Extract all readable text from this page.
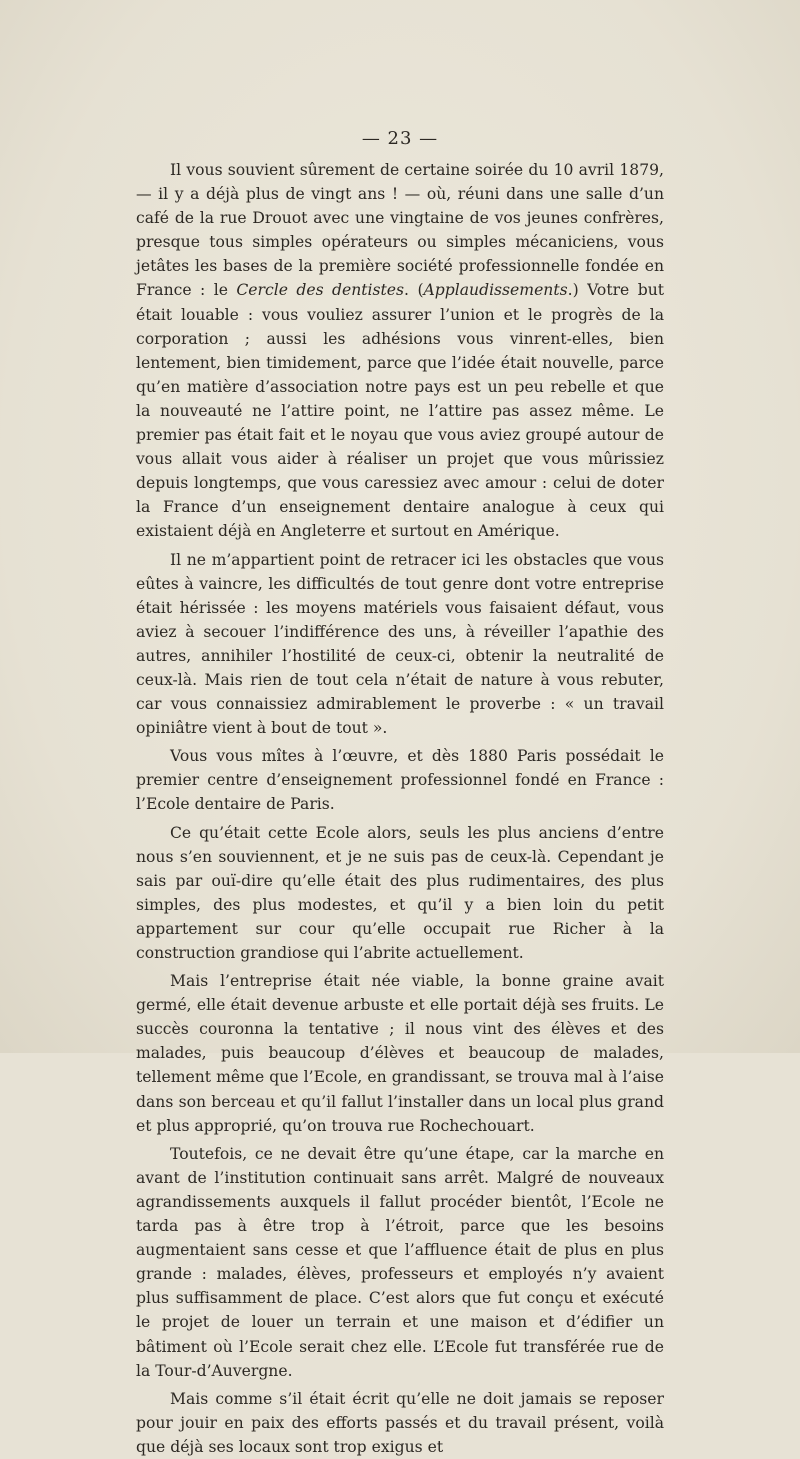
— 23 —

Il vous souvient sûrement de certaine soirée du 10 avril 1879, — il y a déjà plus de vingt ans ! — où, réuni dans une salle d’un café de la rue Drouot avec une vingtaine de vos jeunes confrères, presque tous simples opérateurs ou simples mécaniciens, vous jetâtes les bases de la première société professionnelle fondée en France : le Cercle des dentistes. (Applaudissements.) Votre but était louable : vous vouliez assurer l’union et le progrès de la corporation ; aussi les adhésions vous vinrent-elles, bien lentement, bien timidement, parce que l’idée était nouvelle, parce qu’en matière d’association notre pays est un peu rebelle et que la nouveauté ne l’attire point, ne l’attire pas assez même. Le premier pas était fait et le noyau que vous aviez groupé autour de vous allait vous aider à réaliser un projet que vous mûrissiez depuis longtemps, que vous caressiez avec amour : celui de doter la France d’un enseignement dentaire analogue à ceux qui existaient déjà en Angleterre et surtout en Amérique.

Il ne m’appartient point de retracer ici les obstacles que vous eûtes à vaincre, les difficultés de tout genre dont votre entreprise était hérissée : les moyens matériels vous faisaient défaut, vous aviez à secouer l’indifférence des uns, à réveiller l’apathie des autres, annihiler l’hostilité de ceux-ci, obtenir la neutralité de ceux-là. Mais rien de tout cela n’était de nature à vous rebuter, car vous connaissiez admirablement le proverbe : « un travail opiniâtre vient à bout de tout ».

Vous vous mîtes à l’œuvre, et dès 1880 Paris possédait le premier centre d’enseignement professionnel fondé en France : l’Ecole dentaire de Paris.

Ce qu’était cette Ecole alors, seuls les plus anciens d’entre nous s’en souviennent, et je ne suis pas de ceux-là. Cependant je sais par ouï-dire qu’elle était des plus rudimentaires, des plus simples, des plus modestes, et qu’il y a bien loin du petit appartement sur cour qu’elle occupait rue Richer à la construction grandiose qui l’abrite actuellement.

Mais l’entreprise était née viable, la bonne graine avait germé, elle était devenue arbuste et elle portait déjà ses fruits. Le succès couronna la tentative ; il nous vint des élèves et des malades, puis beaucoup d’élèves et beaucoup de malades, tellement même que l’Ecole, en grandissant, se trouva mal à l’aise dans son berceau et qu’il fallut l’installer dans un local plus grand et plus approprié, qu’on trouva rue Rochechouart.

Toutefois, ce ne devait être qu’une étape, car la marche en avant de l’institution continuait sans arrêt. Malgré de nouveaux agrandissements auxquels il fallut procéder bientôt, l’Ecole ne tarda pas à être trop à l’étroit, parce que les besoins augmentaient sans cesse et que l’affluence était de plus en plus grande : malades, élèves, professeurs et employés n’y avaient plus suffisamment de place. C’est alors que fut conçu et exécuté le projet de louer un terrain et une maison et d’édifier un bâtiment où l’Ecole serait chez elle. L’Ecole fut transférée rue de la Tour-d’Auvergne.

Mais comme s’il était écrit qu’elle ne doit jamais se reposer pour jouir en paix des efforts passés et du travail présent, voilà que déjà ses locaux sont trop exigus et
